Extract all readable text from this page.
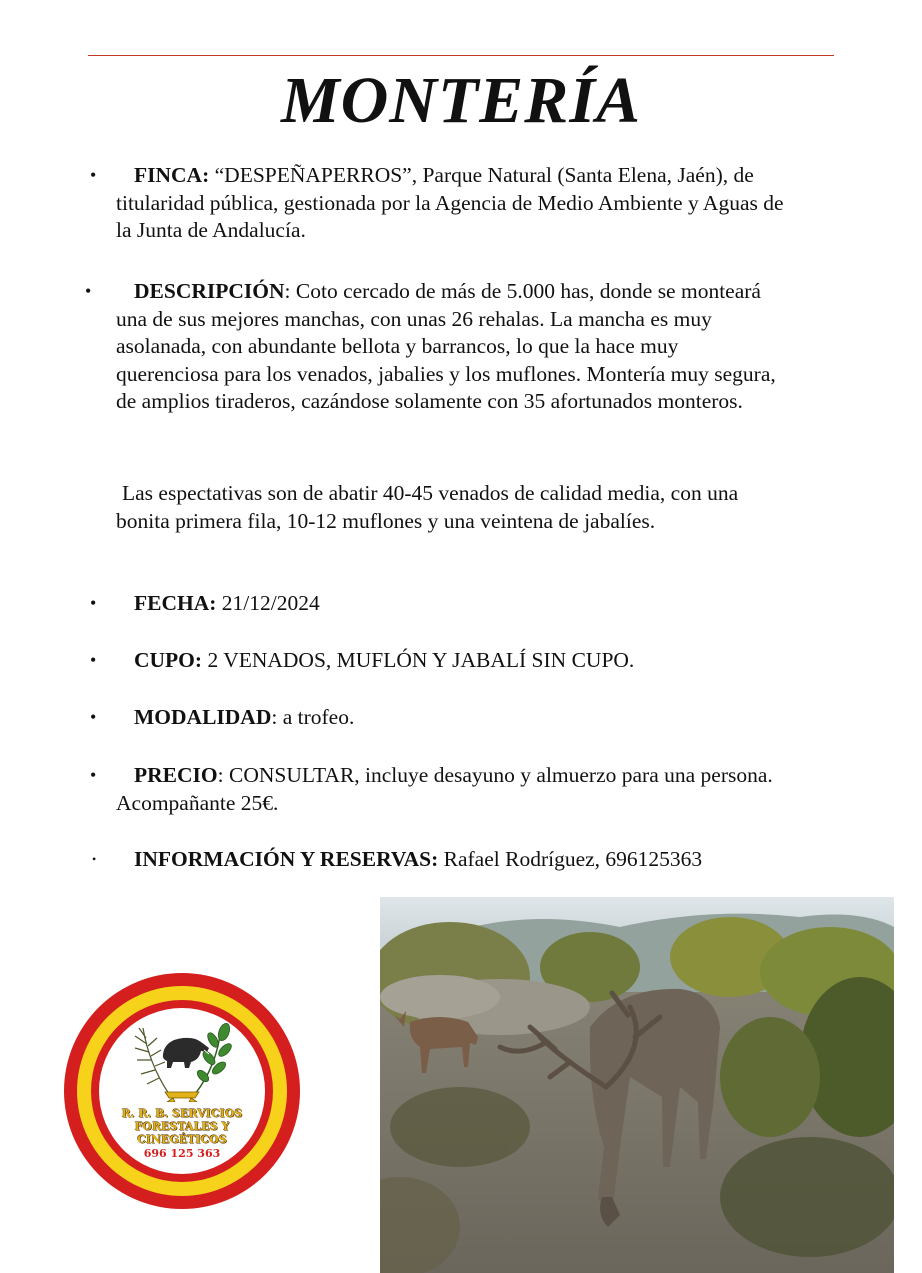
MONTERÍA
•	FINCA: “DESPEÑAPERROS”, Parque Natural (Santa Elena, Jaén), de titularidad pública, gestionada por la Agencia de Medio Ambiente y Aguas de la Junta de Andalucía.
•	DESCRIPCIÓN: Coto cercado de más de 5.000 has, donde se monteará una de sus mejores manchas, con unas 26 rehalas. La mancha es muy asolanada, con abundante bellota y barrancos, lo que la hace muy querenciosa para los venados, jabalies y los muflones. Montería muy segura, de amplios tiraderos, cazándose solamente con 35 afortunados monteros.
Las espectativas son de abatir 40-45 venados de calidad media, con una bonita primera fila, 10-12 muflones y una veintena de jabalíes.
•	FECHA: 21/12/2024
•	CUPO: 2 VENADOS, MUFLÓN Y JABALÍ SIN CUPO.
•	MODALIDAD: a trofeo.
•	PRECIO: CONSULTAR, incluye desayuno y almuerzo para una persona. Acompañante 25€.
•	INFORMACIÓN Y RESERVAS: Rafael Rodríguez, 696125363
R. R. B. SERVICIOS
FORESTALES Y
CINEGÉTICOS
696 125 363
